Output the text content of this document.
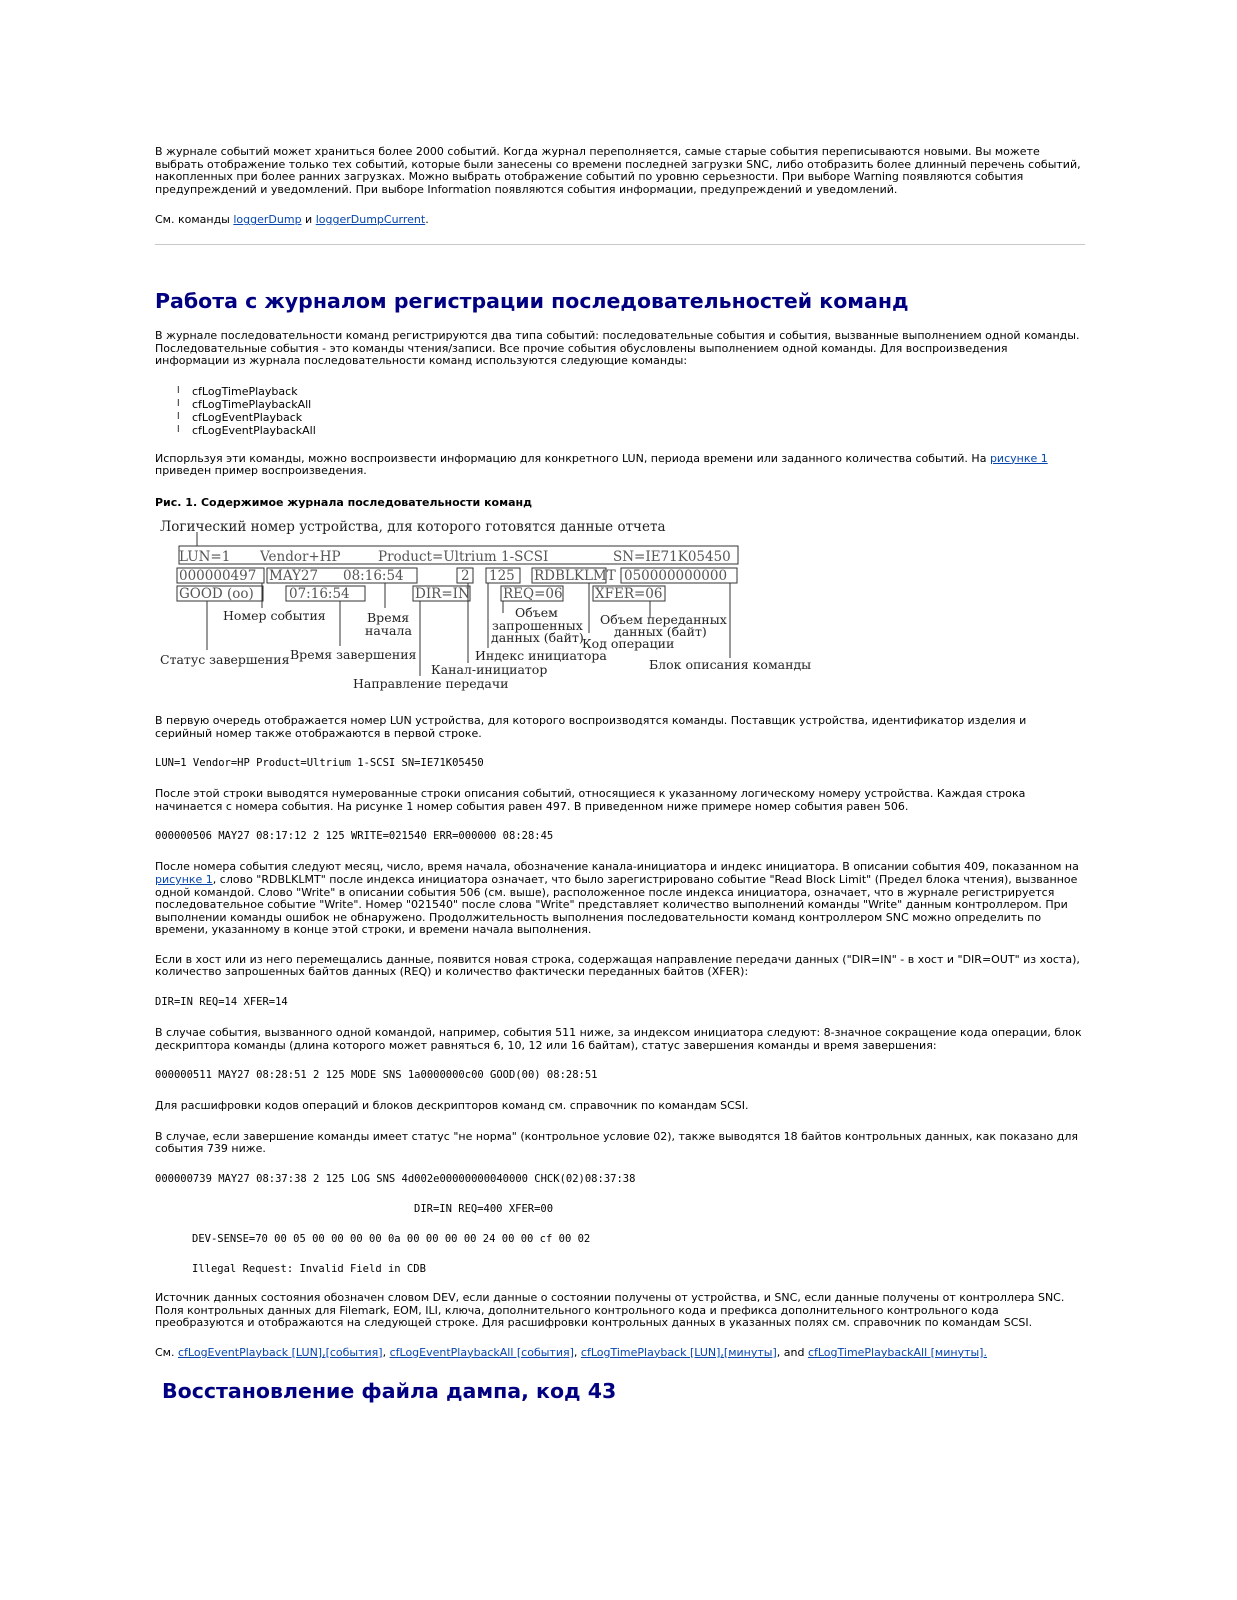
В журнале событий может храниться более 2000 событий. Когда журнал переполняется, самые старые события переписываются новыми. Вы можете выбрать отображение только тех событий, которые были занесены со времени последней загрузки SNC, либо отобразить более длинный перечень событий, накопленных при более ранних загрузках. Можно выбрать отображение событий по уровню серьезности. При выборе Warning появляются события предупреждений и уведомлений. При выборе Information появляются события информации, предупреждений и уведомлений.

См. команды loggerDump и loggerDumpCurrent.

Работа с журналом регистрации последовательностей команд

В журнале последовательности команд регистрируются два типа событий: последовательные события и события, вызванные выполнением одной команды. Последовательные события - это команды чтения/записи. Все прочие события обусловлены выполнением одной команды. Для воспроизведения информации из журнала последовательности команд используются следующие команды:

l cfLogTimePlayback
l cfLogTimePlaybackAll
l cfLogEventPlayback
l cfLogEventPlaybackAll

Испорльзуя эти команды, можно воспроизвести информацию для конкретного LUN, периода времени или заданного количества событий. На рисунке 1 приведен пример воспроизведения.

Рис. 1. Содержимое журнала последовательности команд
Логический номер устройства, для которого готовятся данные отчета
LUN=1 Vendor+HP	Product=Ultrium 1-SCSI	SN=IE71K05450
000000497 MAY27 08:16:54	2 125 RDBLKLMT 050000000000
GOOD (oo)	07:16:54	DIR=IN REQ=06 XFER=06
Номер события	Время
начала
Объем
запрошенных
данных (байт)
Объем переданных
данных (байт)
Код операции
Статус завершения Время завершения	Индекс инициатора
Канал-инициатор	Блок описания команды
Направление передачи

В первую очередь отображается номер LUN устройства, для которого воспроизводятся команды. Поставщик устройства, идентификатор изделия и серийный номер также отображаются в первой строке.

LUN=1 Vendor=HP Product=Ultrium 1-SCSI SN=IE71K05450

После этой строки выводятся нумерованные строки описания событий, относящиеся к указанному логическому номеру устройства. Каждая строка начинается с номера события. На рисунке 1 номер события равен 497. В приведенном ниже примере номер события равен 506.

000000506 MAY27 08:17:12 2 125 WRITE=021540 ERR=000000 08:28:45

После номера события следуют месяц, число, время начала, обозначение канала-инициатора и индекс инициатора. В описании события 409, показанном на рисунке 1, слово "RDBLKLMT" после индекса инициатора означает, что было зарегистрировано событие "Read Block Limit" (Предел блока чтения), вызванное одной командой. Слово "Write" в описании события 506 (см. выше), расположенное после индекса инициатора, означает, что в журнале регистрируется последовательное событие "Write". Номер "021540" после слова "Write" представляет количество выполнений команды "Write" данным контроллером. При выполнении команды ошибок не обнаружено. Продолжительность выполнения последовательности команд контроллером SNC можно определить по времени, указанному в конце этой строки, и времени начала выполнения.

Если в хост или из него перемещались данные, появится новая строка, содержащая направление передачи данных ("DIR=IN" - в хост и "DIR=OUT" из хоста), количество запрошенных байтов данных (REQ) и количество фактически переданных байтов (XFER):

DIR=IN REQ=14 XFER=14

В случае события, вызванного одной командой, например, события 511 ниже, за индексом инициатора следуют: 8-значное сокращение кода операции, блок дескриптора команды (длина которого может равняться 6, 10, 12 или 16 байтам), статус завершения команды и время завершения:

000000511 MAY27 08:28:51 2 125 MODE SNS 1a0000000c00 GOOD(00) 08:28:51

Для расшифровки кодов операций и блоков дескрипторов команд см. справочник по командам SCSI.

В случае, если завершение команды имеет статус "не норма" (контрольное условие 02), также выводятся 18 байтов контрольных данных, как показано для события 739 ниже.

000000739 MAY27 08:37:38 2 125 LOG SNS 4d002e00000000040000 CHCK(02)08:37:38

DIR=IN REQ=400 XFER=00

DEV-SENSE=70 00 05 00 00 00 00 0a 00 00 00 00 24 00 00 cf 00 02

Illegal Request: Invalid Field in CDB

Источник данных состояния обозначен словом DEV, если данные о состоянии получены от устройства, и SNC, если данные получены от контроллера SNC. Поля контрольных данных для Filemark, EOM, ILI, ключа, дополнительного контрольного кода и префикса дополнительного контрольного кода преобразуются и отображаются на следующей строке. Для расшифровки контрольных данных в указанных полях см. справочник по командам SCSI.

См. cfLogEventPlayback [LUN],[события], cfLogEventPlaybackAll [события], cfLogTimePlayback [LUN],[минуты], and cfLogTimePlaybackAll [минуты].

Восстановление файла дампа, код 43
